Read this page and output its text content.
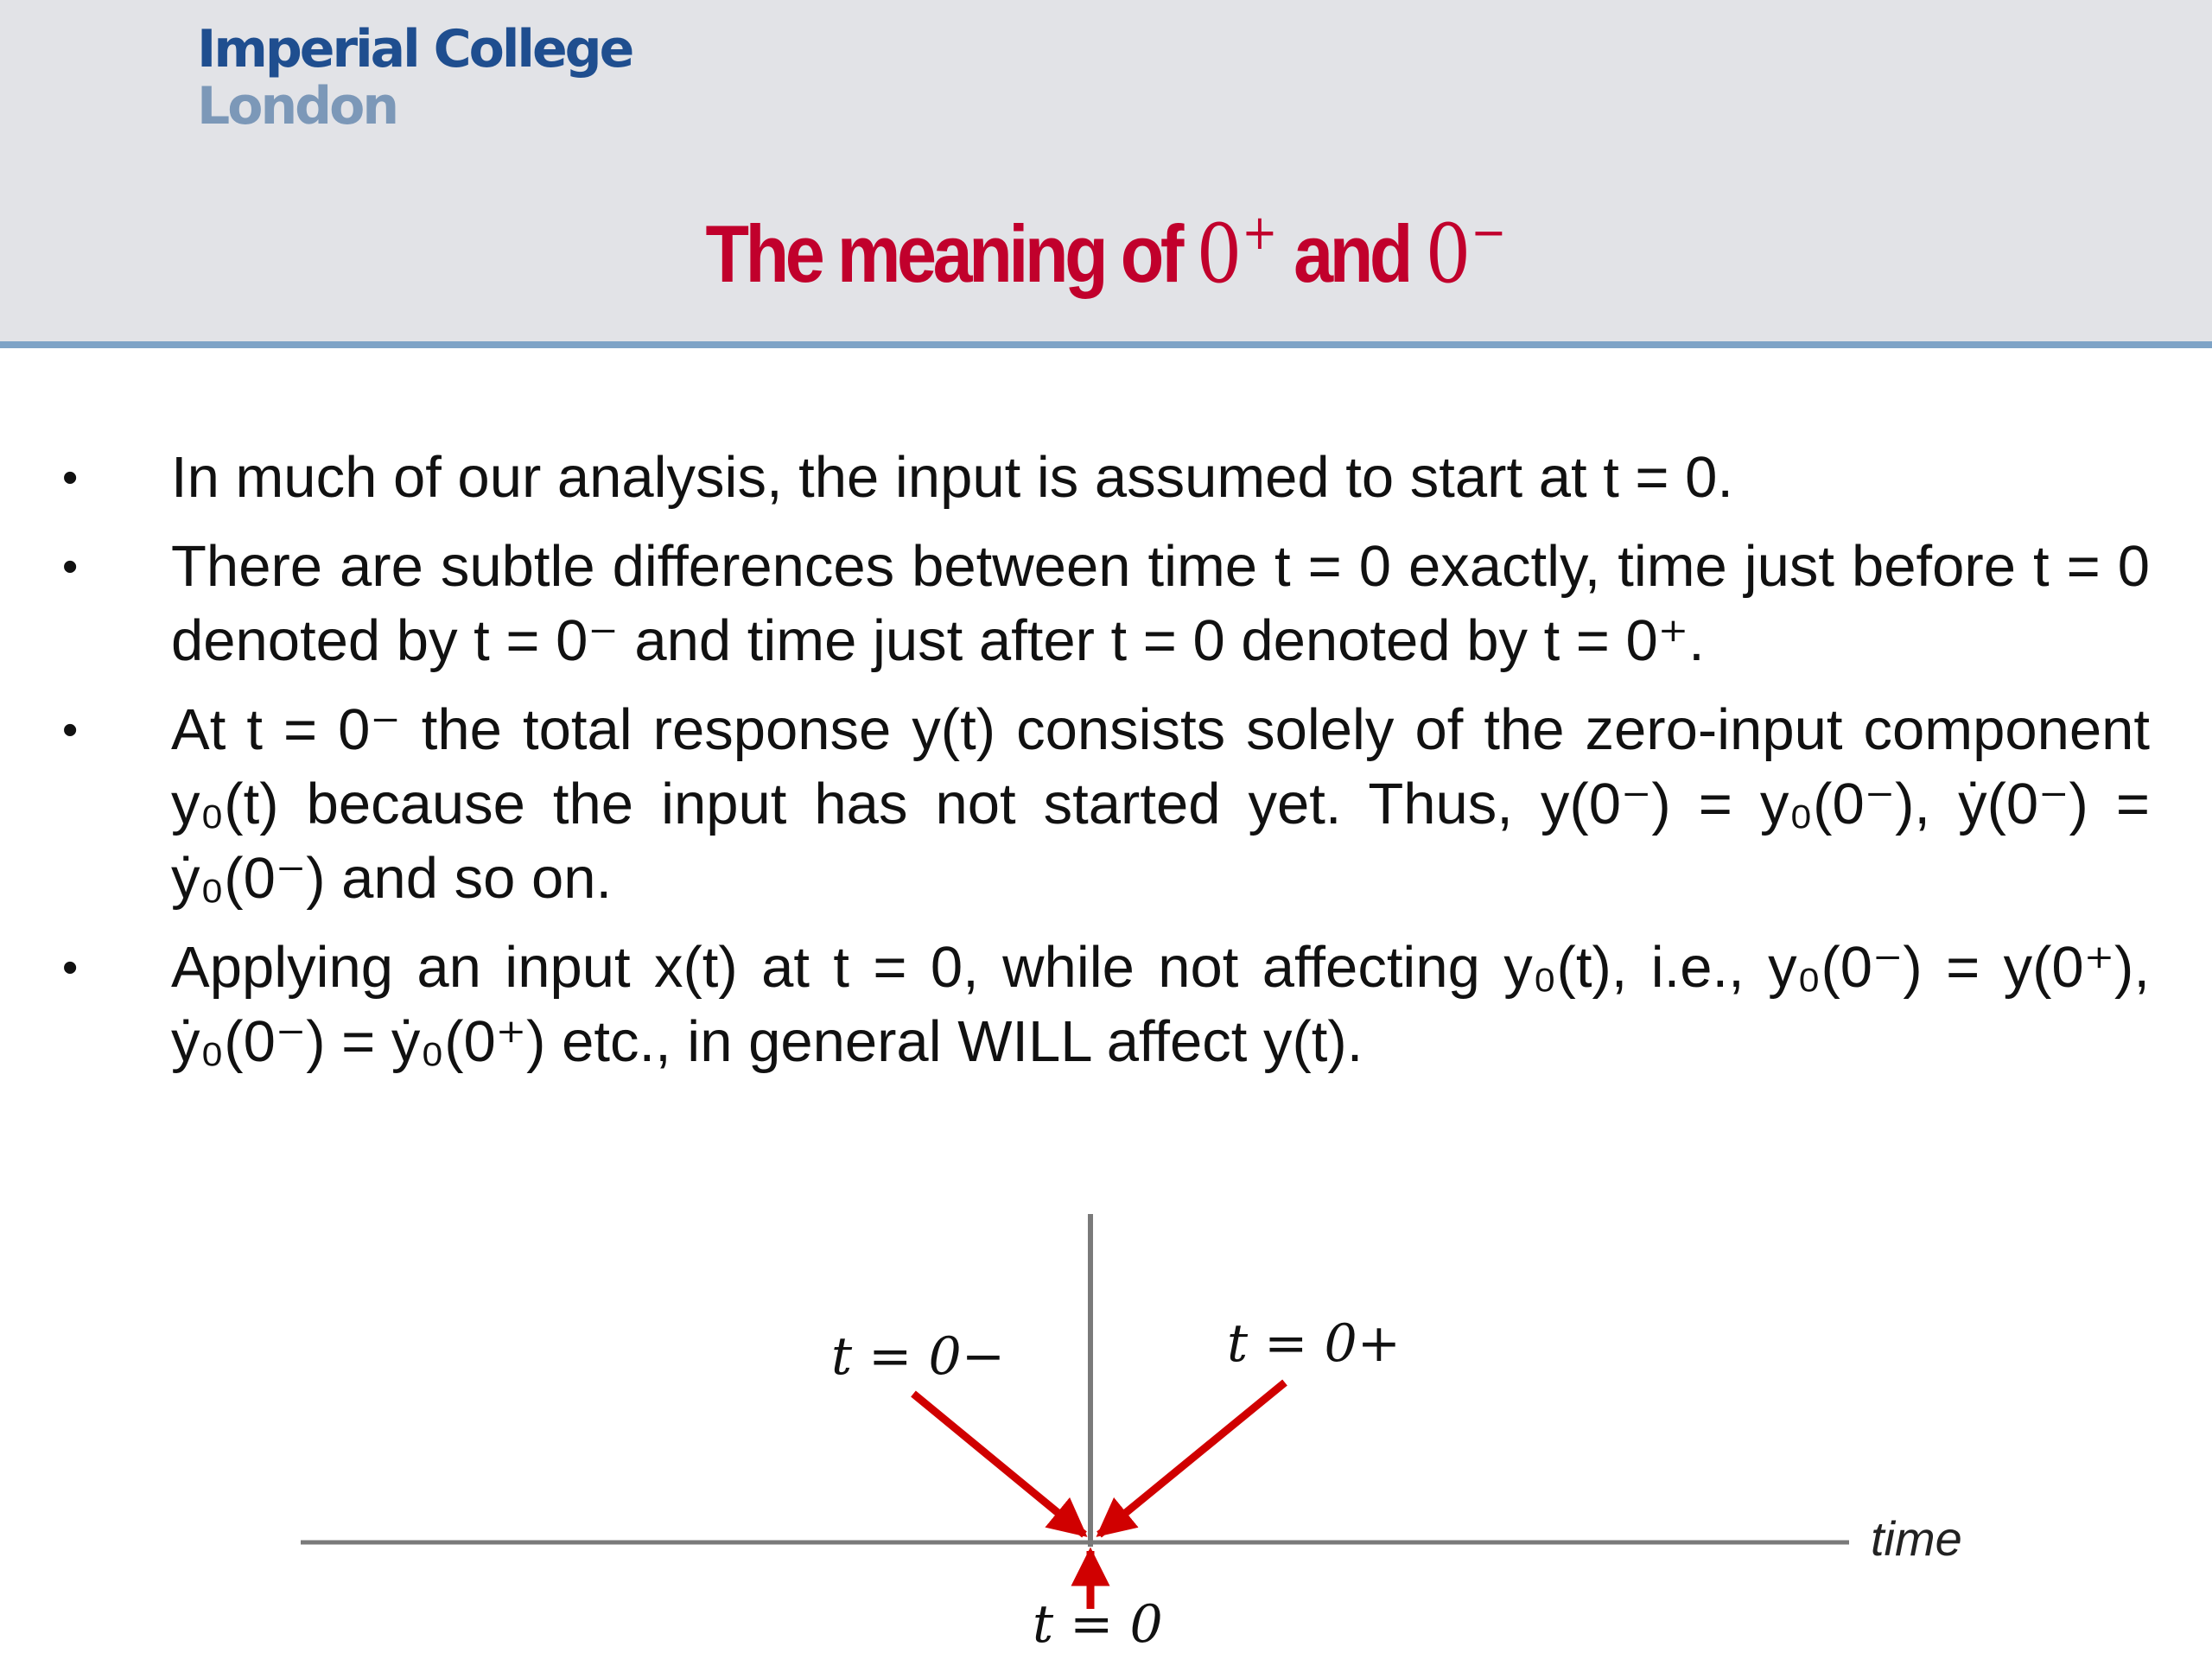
Imperial College
London
The meaning of 0+ and 0−
• In much of our analysis, the input is assumed to start at t = 0.
• There are subtle differences between time t = 0 exactly, time just before t = 0 denoted by t = 0⁻ and time just after t = 0 denoted by t = 0⁺.
• At t = 0⁻ the total response y(t) consists solely of the zero-input component y₀(t) because the input has not started yet. Thus, y(0⁻) = y₀(0⁻), ẏ(0⁻) = ẏ₀(0⁻) and so on.
• Applying an input x(t) at t = 0, while not affecting y₀(t), i.e., y₀(0⁻) = y(0⁺), ẏ₀(0⁻) = ẏ₀(0⁺) etc., in general WILL affect y(t).
t = 0−	t = 0+
t = 0
time
